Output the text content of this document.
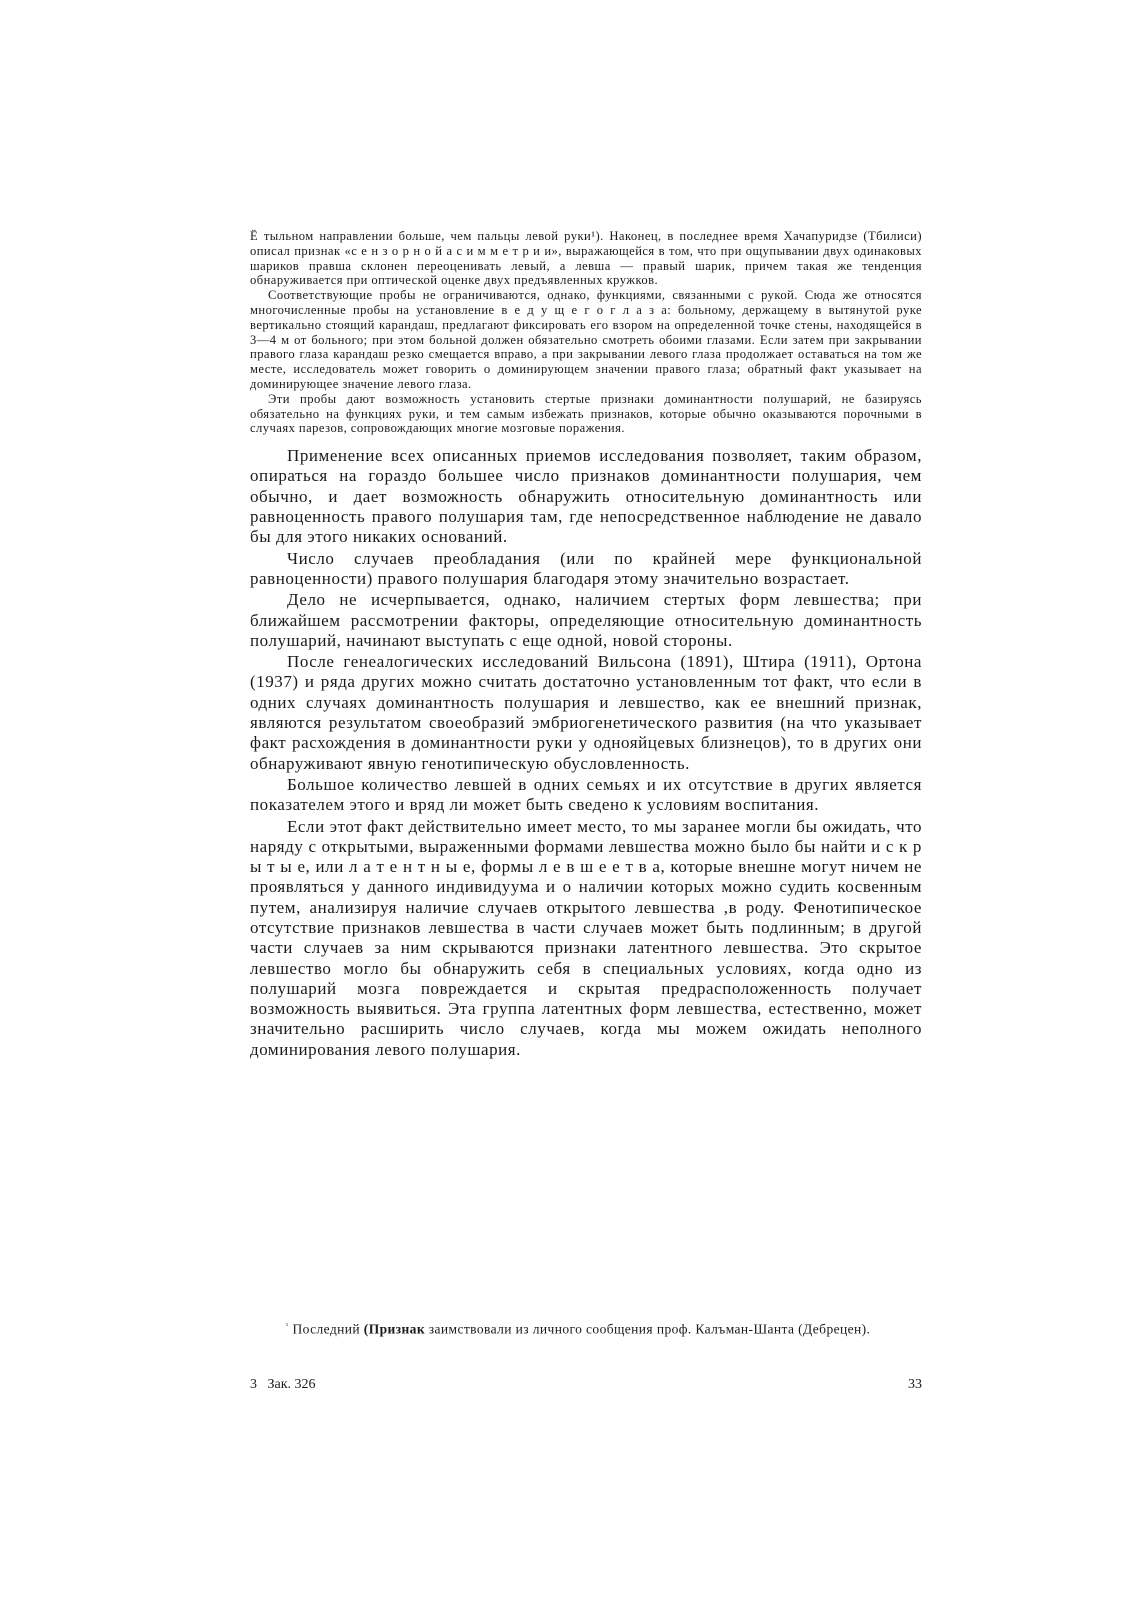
Ё тыльном направлении больше, чем пальцы левой руки¹). Наконец, в последнее время Хачапуридзе (Тбилиси) описал признак «с е н з о р н о й а с и м м е т р и и», выражающейся в том, что при ощупывании двух одинаковых шариков правша склонен переоценивать левый, а левша — правый шарик, причем такая же тенденция обнаруживается при оптической оценке двух предъявленных кружков.

Соответствующие пробы не ограничиваются, однако, функциями, связанными с рукой. Сюда же относятся многочисленные пробы на установление в е д у щ е г о г л а з а: больному, держащему в вытянутой руке вертикально стоящий карандаш, предлагают фиксировать его взором на определенной точке стены, находящейся в 3—4 м от больного; при этом больной должен обязательно смотреть обоими глазами. Если затем при закрывании правого глаза карандаш резко смещается вправо, а при закрывании левого глаза продолжает оставаться на том же месте, исследователь может говорить о доминирующем значении правого глаза; обратный факт указывает на доминирующее значение левого глаза.

Эти пробы дают возможность установить стертые признаки доминантности полушарий, не базируясь обязательно на функциях руки, и тем самым избежать признаков, которые обычно оказываются порочными в случаях парезов, сопровождающих многие мозговые поражения.

Применение всех описанных приемов исследования позволяет, таким образом, опираться на гораздо большее число признаков доминантности полушария, чем обычно, и дает возможность обнаружить относительную доминантность или равноценность правого полушария там, где непосредственное наблюдение не давало бы для этого никаких оснований.

Число случаев преобладания (или по крайней мере функциональной равноценности) правого полушария благодаря этому значительно возрастает.

Дело не исчерпывается, однако, наличием стертых форм левшества; при ближайшем рассмотрении факторы, определяющие относительную доминантность полушарий, начинают выступать с еще одной, новой стороны.

После генеалогических исследований Вильсона (1891), Штира (1911), Ортона (1937) и ряда других можно считать достаточно установленным тот факт, что если в одних случаях доминантность полушария и левшество, как ее внешний признак, являются результатом своеобразий эмбриогенетического развития (на что указывает факт расхождения в доминантности руки у однояйцевых близнецов), то в других они обнаруживают явную генотипическую обусловленность.

Большое количество левшей в одних семьях и их отсутствие в других является показателем этого и вряд ли может быть сведено к условиям воспитания.

Если этот факт действительно имеет место, то мы заранее могли бы ожидать, что наряду с открытыми, выраженными формами левшества можно было бы найти и с к р ы т ы е, или л а т е н т н ы е, формы л е в ш е е т в а, которые внешне могут ничем не проявляться у данного индивидуума и о наличии которых можно судить косвенным путем, анализируя наличие случаев открытого левшества ,в роду. Фенотипическое отсутствие признаков левшества в части случаев может быть подлинным; в другой части случаев за ним скрываются признаки латентного левшества. Это скрытое левшество могло бы обнаружить себя в специальных условиях, когда одно из полушарий мозга повреждается и скрытая предрасположенность получает возможность выявиться. Эта группа латентных форм левшества, естественно, может значительно расширить число случаев, когда мы можем ожидать неполного доминирования левого полушария.

$^{^1}$ Последний (Признак заимствовали из личного сообщения проф. Калъман-Шанта (Дебрецен).
3   Зак. 326	33
